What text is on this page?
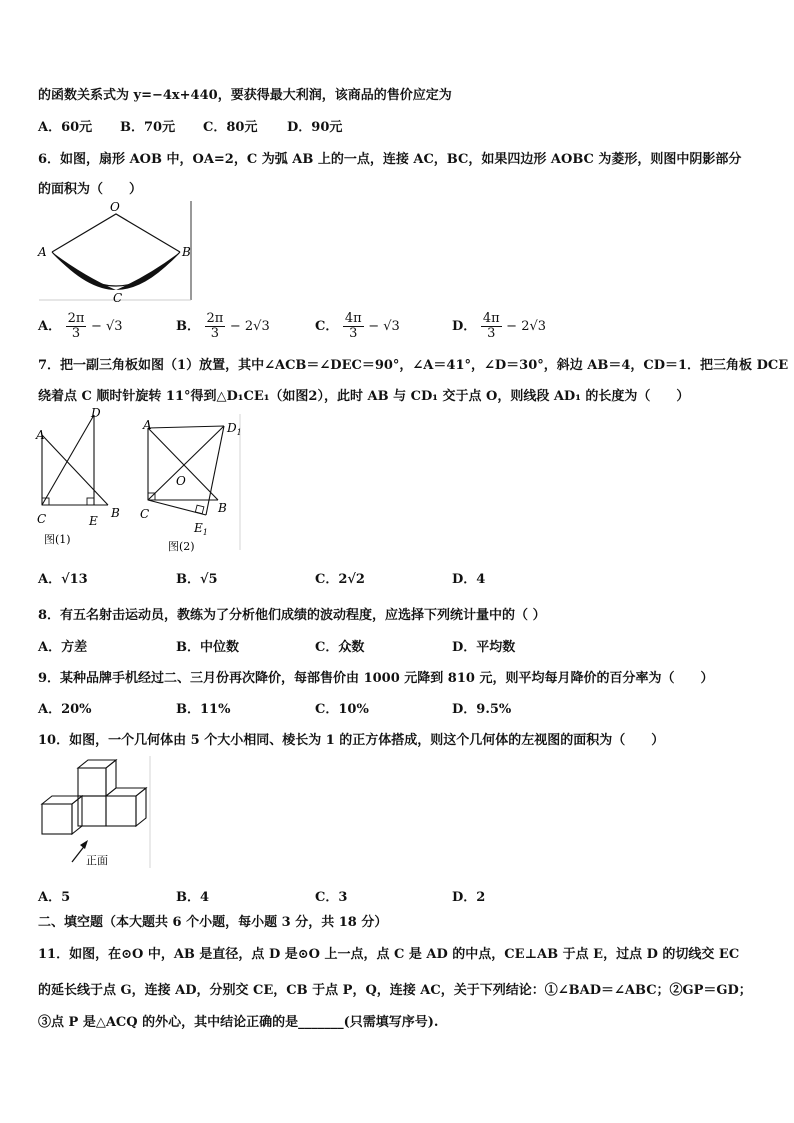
的函数关系式为 y=−4x+440，要获得最大利润，该商品的售价应定为
A．60元 B．70元 C．80元 D．90元
6．如图，扇形 AOB 中，OA=2，C 为弧 AB 上的一点，连接 AC，BC，如果四边形 AOBC 为菱形，则图中阴影部分
的面积为（　　）
O
A	B
C
A． $\frac{2\pi}{3} - √3$	B． $\frac{2\pi}{3} - 2√3$	C． $\frac{4\pi}{3} - √3$	D． $\frac{4\pi}{3} - 2√3$
7．把一副三角板如图（1）放置，其中∠ACB＝∠DEC＝90°，∠A＝41°，∠D＝30°，斜边 AB＝4，CD＝1．把三角板 DCE
绕着点 C 顺时针旋转 11°得到△D₁CE₁（如图2），此时 AB 与 CD₁ 交于点 O，则线段 AD₁ 的长度为（　　）
A
D
C	E
B
图(1)
A	$D_1$
O
C	B
$E_1$
图(2)
A．√13	B．√5	C．2√2	D．4
8．有五名射击运动员，教练为了分析他们成绩的波动程度，应选择下列统计量中的（ ）
A．方差	B．中位数	C．众数	D．平均数
9．某种品牌手机经过二、三月份再次降价，每部售价由 1000 元降到 810 元，则平均每月降价的百分率为（　　）
A．20%	B．11%	C．10%	D．9.5%
10．如图，一个几何体由 5 个大小相同、棱长为 1 的正方体搭成，则这个几何体的左视图的面积为（　　）
正面
A．5	B．4	C．3	D．2
二、填空题（本大题共 6 个小题，每小题 3 分，共 18 分）
11．如图，在⊙O 中，AB 是直径，点 D 是⊙O 上一点，点 C 是 AD 的中点，CE⊥AB 于点 E，过点 D 的切线交 EC
的延长线于点 G，连接 AD，分别交 CE，CB 于点 P，Q，连接 AC，关于下列结论：①∠BAD＝∠ABC；②GP＝GD；
③点 P 是△ACQ 的外心，其中结论正确的是_______(只需填写序号).
